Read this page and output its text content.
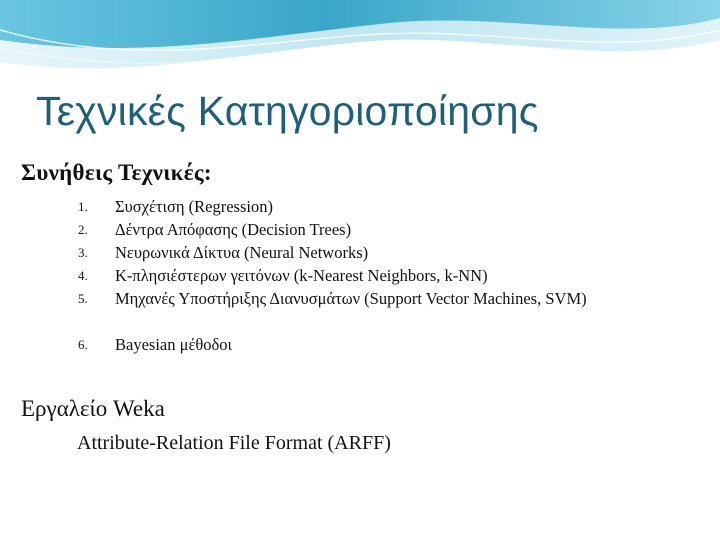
Τεχνικές Κατηγοριοποίησης
Συνήθεις Τεχνικές:
1.	Συσχέτιση (Regression)
2.	Δέντρα Απόφασης (Decision Trees)
3.	Νευρωνικά Δίκτυα (Neural Networks)
4.	Κ-πλησιέστερων γειτόνων (k-Nearest Neighbors, k-NN)
5.	Μηχανές Υποστήριξης Διανυσμάτων (Support Vector Machines, SVM)
6.	Bayesian μέθοδοι
Εργαλείο Weka
Attribute-Relation File Format (ARFF)
